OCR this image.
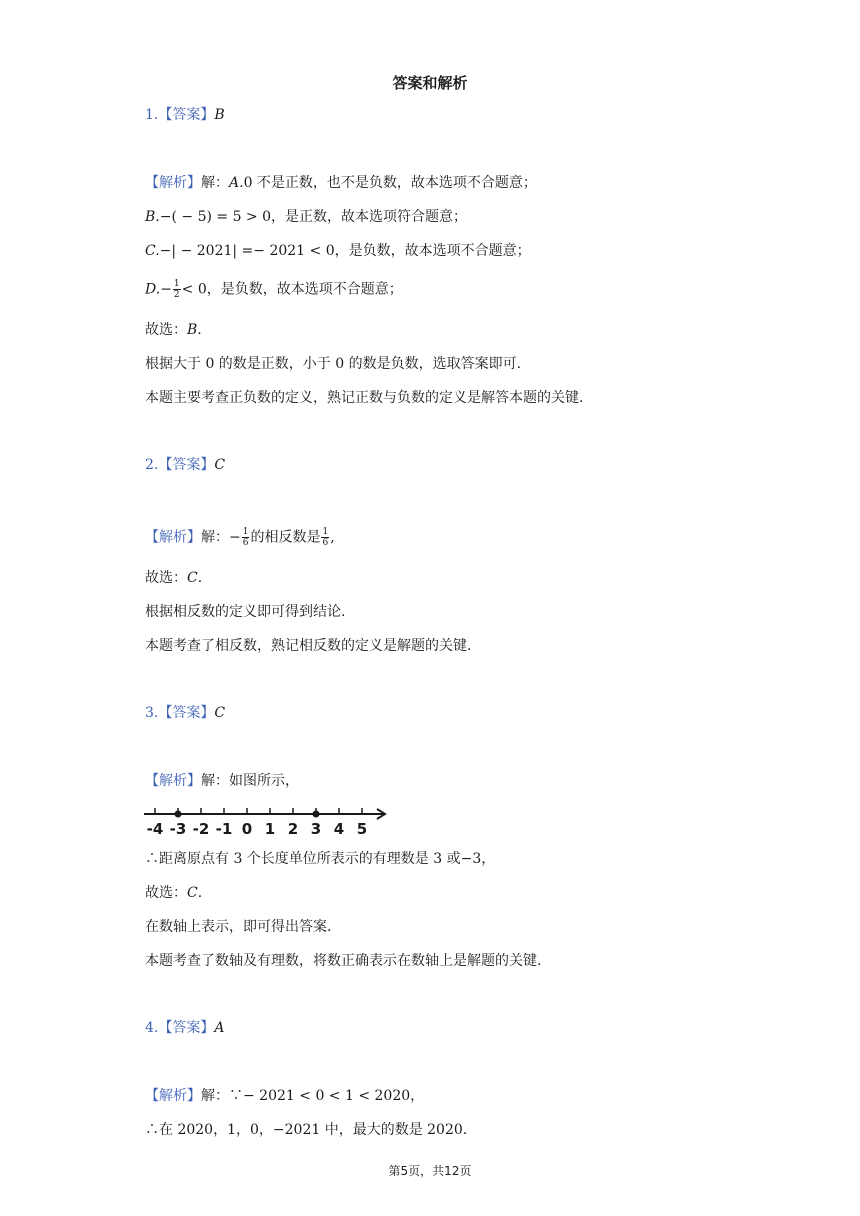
答案和解析
1.【答案】B
【解析】解：A.0 不是正数，也不是负数，故本选项不合题意；
B.−( − 5) = 5 > 0，是正数，故本选项符合题意；
C.−| − 2021| =− 2021 < 0，是负数，故本选项不合题意；
$D.- \frac{1}{2} < 0$，是负数，故本选项不合题意；
故选：B.
根据大于 0 的数是正数，小于 0 的数是负数，选取答案即可.
本题主要考查正负数的定义，熟记正数与负数的定义是解答本题的关键.
2.【答案】C
【解析】解：− $\frac{1}{6}$ 的相反数是 $\frac{1}{6}$ ,
故选：C.
根据相反数的定义即可得到结论.
本题考查了相反数，熟记相反数的定义是解题的关键.
3.【答案】C
【解析】解：如图所示，
-4 -3 -2 -1 0 1 2 3 4 5
∴距离原点有 3 个长度单位所表示的有理数是 3 或−3，
故选：C.
在数轴上表示，即可得出答案.
本题考查了数轴及有理数，将数正确表示在数轴上是解题的关键.
4.【答案】A
【解析】解：∵− 2021 < 0 < 1 < 2020，
∴在 2020，1，0，−2021 中，最大的数是 2020.
第5页，共12页
